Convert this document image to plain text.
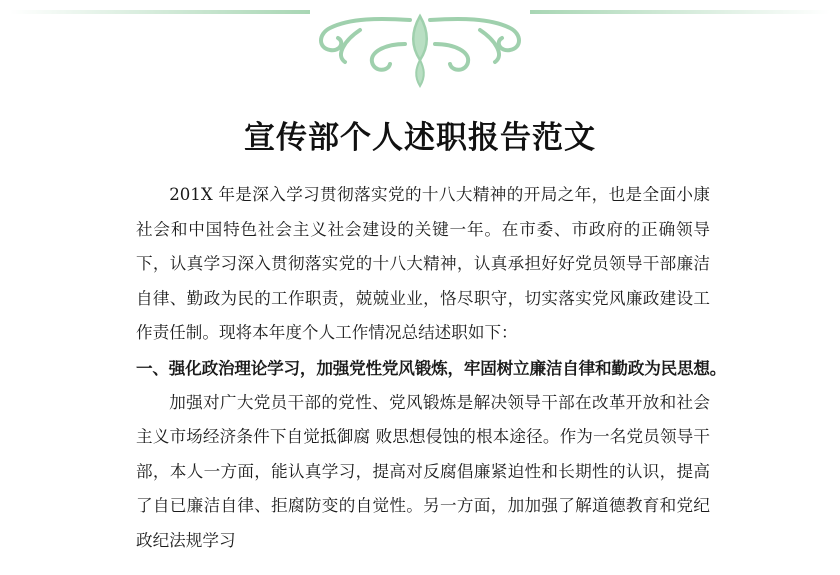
宣传部个人述职报告范文

201X 年是深入学习贯彻落实党的十八大精神的开局之年，也是全面小康社会和中国特色社会主义社会建设的关键一年。在市委、市政府的正确领导下，认真学习深入贯彻落实党的十八大精神，认真承担好好党员领导干部廉洁自律、勤政为民的工作职责，兢兢业业，恪尽职守，切实落实党风廉政建设工作责任制。现将本年度个人工作情况总结述职如下：

一、强化政治理论学习，加强党性党风锻炼，牢固树立廉洁自律和勤政为民思想。

加强对广大党员干部的党性、党风锻炼是解决领导干部在改革开放和社会主义市场经济条件下自觉抵御腐 败思想侵蚀的根本途径。作为一名党员领导干部，本人一方面，能认真学习，提高对反腐倡廉紧迫性和长期性的认识，提高了自已廉洁自律、拒腐防变的自觉性。另一方面，加加强了解道德教育和党纪政纪法规学习
